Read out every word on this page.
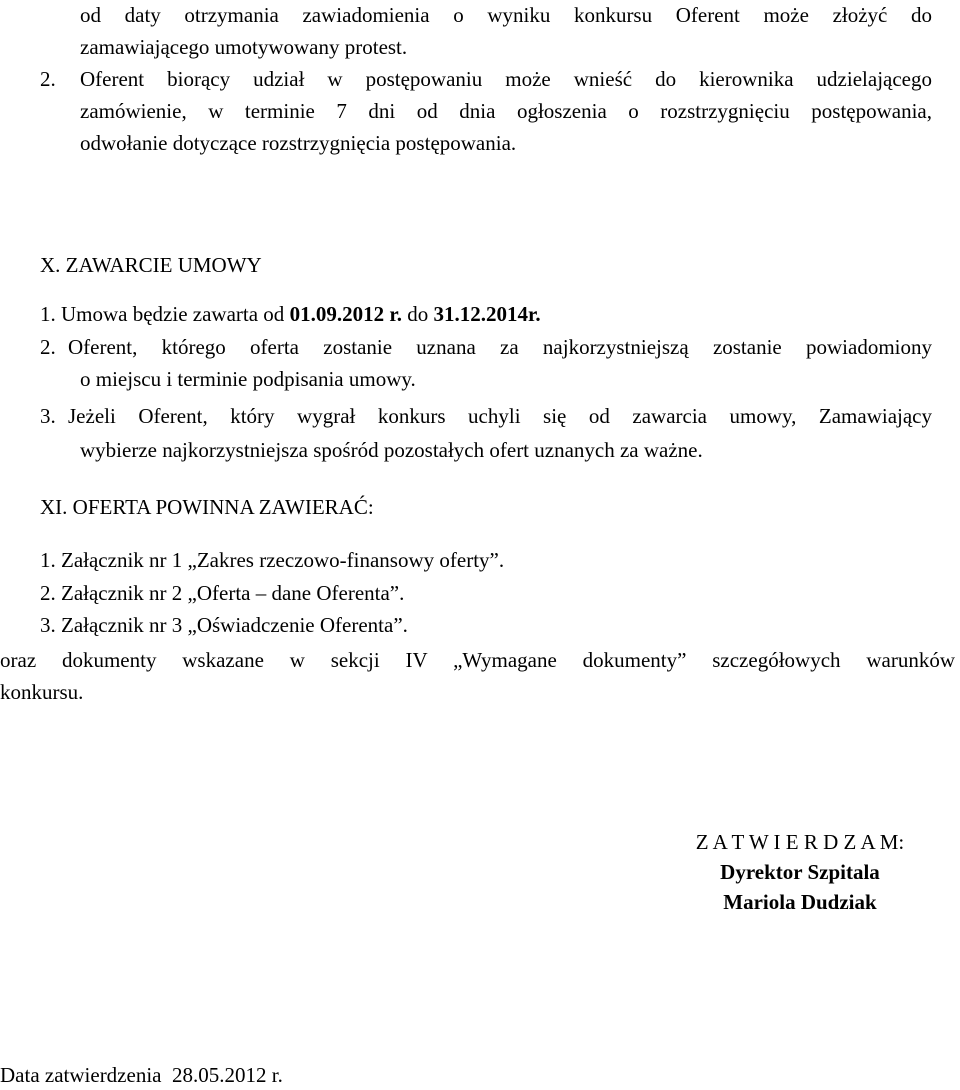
od daty otrzymania zawiadomienia o wyniku konkursu Oferent może złożyć do
zamawiającego umotywowany protest.
2. Oferent biorący udział w postępowaniu może wnieść do kierownika udzielającego
zamówienie, w terminie 7 dni od dnia ogłoszenia o rozstrzygnięciu postępowania,
odwołanie dotyczące rozstrzygnięcia postępowania.
X. ZAWARCIE UMOWY
1. Umowa będzie zawarta od 01.09.2012 r. do 31.12.2014r.
2. Oferent, którego oferta zostanie uznana za najkorzystniejszą zostanie powiadomiony
o miejscu i terminie podpisania umowy.
3. Jeżeli Oferent, który wygrał konkurs uchyli się od zawarcia umowy, Zamawiający
wybierze najkorzystniejsza spośród pozostałych ofert uznanych za ważne.
XI. OFERTA POWINNA ZAWIERAĆ:
1. Załącznik nr 1 „Zakres rzeczowo-finansowy oferty”.
2. Załącznik nr 2 „Oferta – dane Oferenta”.
3. Załącznik nr 3 „Oświadczenie Oferenta”.
oraz dokumenty wskazane w sekcji IV „Wymagane dokumenty” szczegółowych warunków
konkursu.
Z A T W I E R D Z A M:
Dyrektor Szpitala
Mariola Dudziak
Data zatwierdzenia 28.05.2012 r.
